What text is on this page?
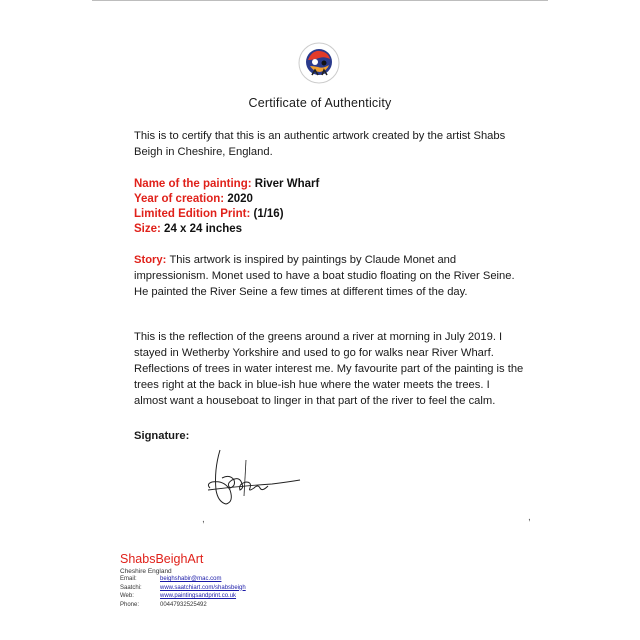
Certificate of Authenticity
This is to certify that this is an authentic artwork created by the artist Shabs Beigh in Cheshire, England.
Name of the painting: River Wharf
Year of creation: 2020
Limited Edition Print: (1/16)
Size: 24 x 24 inches
Story: This artwork is inspired by paintings by Claude Monet and impressionism. Monet used to have a boat studio floating on the River Seine. He painted the River Seine a few times at different times of the day.
This is the reflection of the greens around a river at morning in July 2019. I stayed in Wetherby Yorkshire and used to go for walks near River Wharf. Reflections of trees in water interest me. My favourite part of the painting is the trees right at the back in blue-ish hue where the water meets the trees. I almost want a houseboat to linger in that part of the river to feel the calm.
Signature:
,	,
ShabsBeighArt
Cheshire England
Email:	beighshabir@mac.com
Saatchi:	www.saatchiart.com/shabsbeigh
Web:	www.paintingsandprint.co.uk
Phone:	00447932525492
